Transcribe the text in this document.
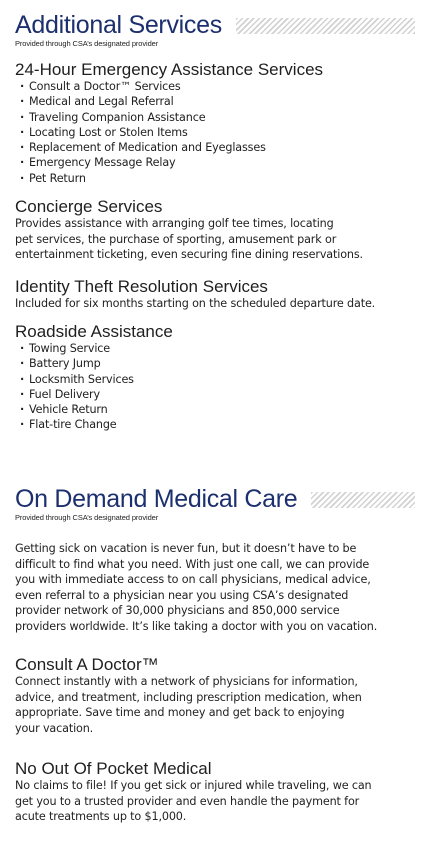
Additional Services
Provided through CSA’s designated provider
24-Hour Emergency Assistance Services
· Consult a Doctor™ Services
· Medical and Legal Referral
· Traveling Companion Assistance
· Locating Lost or Stolen Items
· Replacement of Medication and Eyeglasses
· Emergency Message Relay
· Pet Return
Concierge Services
Provides assistance with arranging golf tee times, locating
pet services, the purchase of sporting, amusement park or
entertainment ticketing, even securing fine dining reservations.
Identity Theft Resolution Services
Included for six months starting on the scheduled departure date.
Roadside Assistance
· Towing Service
· Battery Jump
· Locksmith Services
· Fuel Delivery
· Vehicle Return
· Flat-tire Change
On Demand Medical Care
Provided through CSA’s designated provider
Getting sick on vacation is never fun, but it doesn’t have to be
difficult to find what you need. With just one call, we can provide
you with immediate access to on call physicians, medical advice,
even referral to a physician near you using CSA’s designated
provider network of 30,000 physicians and 850,000 service
providers worldwide. It’s like taking a doctor with you on vacation.
Consult A Doctor™
Connect instantly with a network of physicians for information,
advice, and treatment, including prescription medication, when
appropriate. Save time and money and get back to enjoying
your vacation.
No Out Of Pocket Medical
No claims to file! If you get sick or injured while traveling, we can
get you to a trusted provider and even handle the payment for
acute treatments up to $1,000.
